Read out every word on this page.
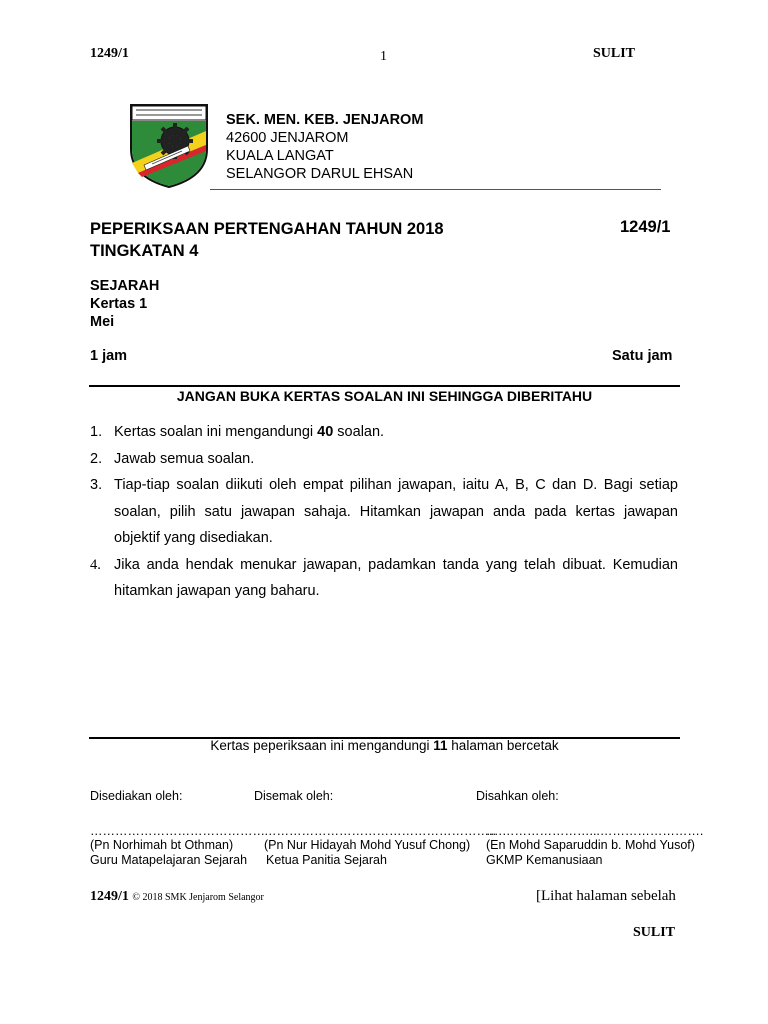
1249/1	1	SULIT
SEK. MEN. KEB. JENJAROM
42600 JENJAROM
KUALA LANGAT
SELANGOR DARUL EHSAN
PEPERIKSAAN PERTENGAHAN TAHUN 2018
TINGKATAN 4
1249/1
SEJARAH
Kertas 1
Mei
1 jam	Satu jam
JANGAN BUKA KERTAS SOALAN INI SEHINGGA DIBERITAHU
1. Kertas soalan ini mengandungi 40 soalan.
2. Jawab semua soalan.
3. Tiap-tiap soalan diikuti oleh empat pilihan jawapan, iaitu A, B, C dan D. Bagi setiap soalan, pilih satu jawapan sahaja. Hitamkan jawapan anda pada kertas jawapan objektif yang disediakan.
4. Jika anda hendak menukar jawapan, padamkan tanda yang telah dibuat. Kemudian hitamkan jawapan yang baharu.
Kertas peperiksaan ini mengandungi 11 halaman bercetak
Disediakan oleh:
……………………………………
(Pn Norhimah bt Othman)
Guru Matapelajaran Sejarah
Disemak oleh:
………………………………………………..
(Pn Nur Hidayah Mohd Yusuf Chong)
Ketua Panitia Sejarah
Disahkan oleh:
….…………………...…………………….
(En Mohd Saparuddin b. Mohd Yusof)
GKMP Kemanusiaan
1249/1 © 2018 SMK Jenjarom Selangor	[Lihat halaman sebelah
SULIT
